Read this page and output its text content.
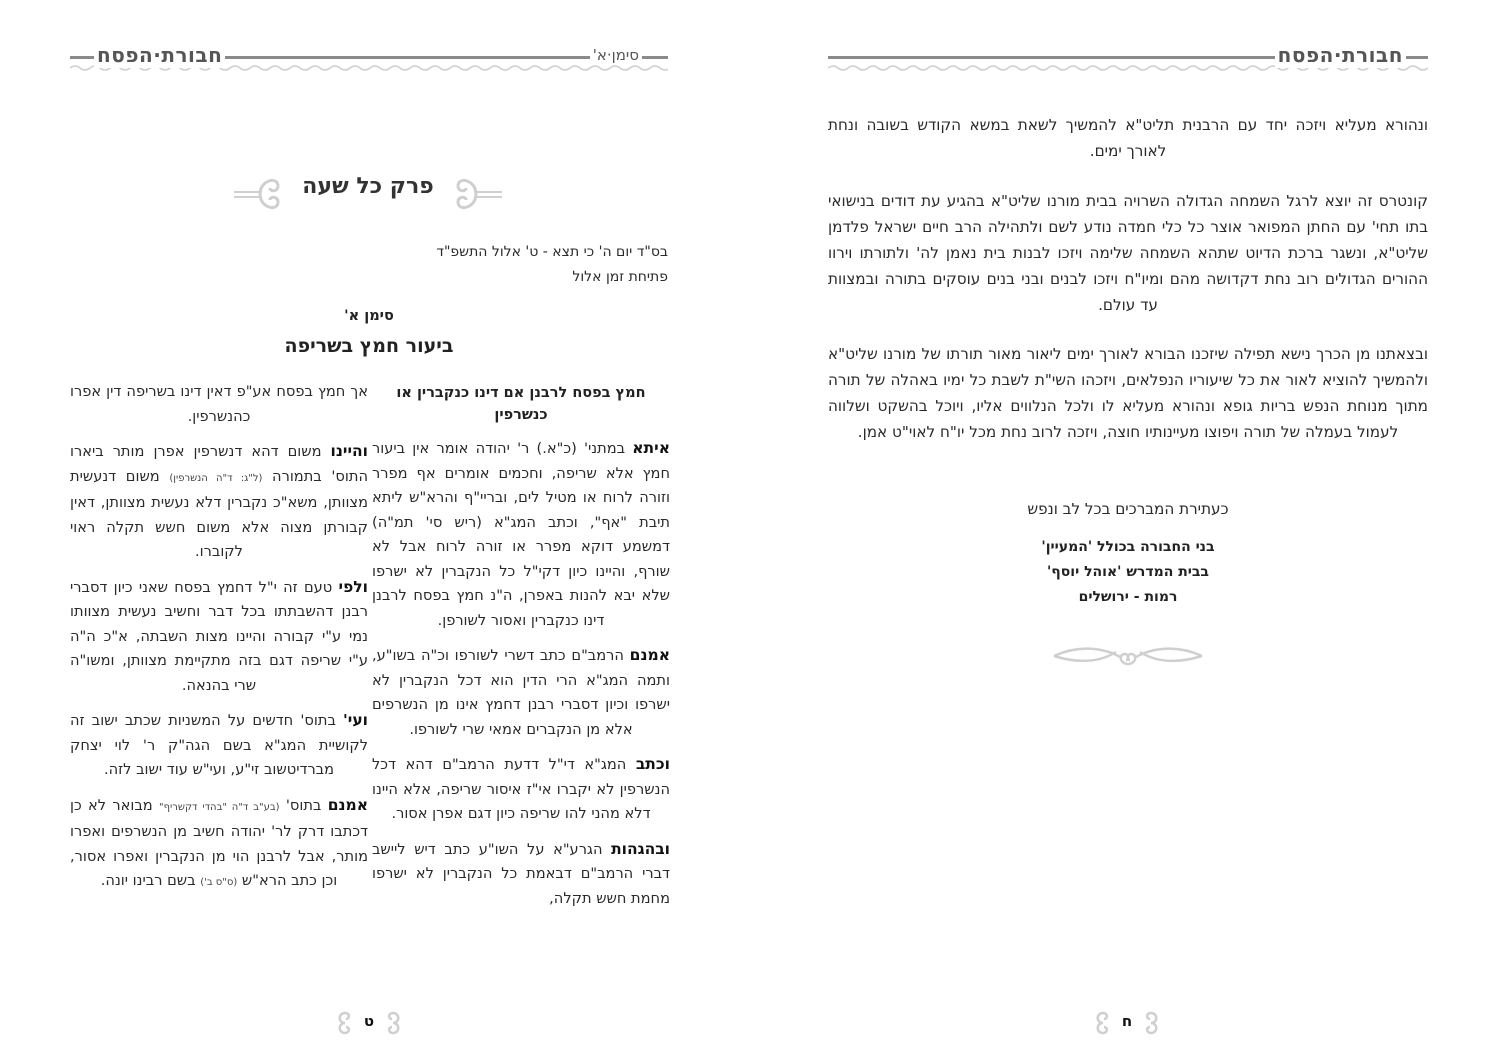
חבורת·הפסח	סימן·א'
פרק כל שעה
בס"ד יום ה' כי תצא - ט' אלול התשפ"ד
פתיחת זמן אלול
סימן א'
ביעור חמץ בשריפה
חמץ בפסח לרבנן אם דינו כנקברין או כנשרפין

איתא במתני' (כ"א.) ר' יהודה אומר אין ביעור חמץ אלא שריפה, וחכמים אומרים אף מפרר וזורה לרוח או מטיל לים, ובריי"ף והרא"ש ליתא תיבת "אף", וכתב המג"א (ריש סי' תמ"ה) דמשמע דוקא מפרר או זורה לרוח אבל לא שורף, והיינו כיון דקי"ל כל הנקברין לא ישרפו שלא יבא להנות באפרן, ה"נ חמץ בפסח לרבנן דינו כנקברין ואסור לשורפן.

אמנם הרמב"ם כתב דשרי לשורפו וכ"ה בשו"ע, ותמה המג"א הרי הדין הוא דכל הנקברין לא ישרפו וכיון דסברי רבנן דחמץ אינו מן הנשרפים אלא מן הנקברים אמאי שרי לשורפו.

וכתב המג"א די"ל דדעת הרמב"ם דהא דכל הנשרפין לא יקברו אי"ז איסור שריפה, אלא היינו דלא מהני להו שריפה כיון דגם אפרן אסור.

ובהגהות הגרע"א על השו"ע כתב דיש ליישב דברי הרמב"ם דבאמת כל הנקברין לא ישרפו מחמת חשש תקלה,

אך חמץ בפסח אע"פ דאין דינו בשריפה דין אפרו כהנשרפין.

והיינו משום דהא דנשרפין אפרן מותר ביארו התוס' בתמורה (ל"ג: ד"ה הנשרפין) משום דנעשית מצוותן, משא"כ נקברין דלא נעשית מצוותן, דאין קבורתן מצוה אלא משום חשש תקלה ראוי לקוברו.

ולפי טעם זה י"ל דחמץ בפסח שאני כיון דסברי רבנן דהשבתתו בכל דבר וחשיב נעשית מצוותו נמי ע"י קבורה והיינו מצות השבתה, א"כ ה"ה ע"י שריפה דגם בזה מתקיימת מצוותן, ומשו"ה שרי בהנאה.

ועי' בתוס' חדשים על המשניות שכתב ישוב זה לקושיית המג"א בשם הגה"ק ר' לוי יצחק מברדיטשוב זי"ע, ועי"ש עוד ישוב לזה.

אמנם בתוס' (בע"ב ד"ה "בהדי דקשריף" מבואר לא כן דכתבו דרק לר' יהודה חשיב מן הנשרפים ואפרו מותר, אבל לרבנן הוי מן הנקברין ואפרו אסור, וכן כתב הרא"ש (ס"ס ב') בשם רבינו יונה.

ט
חבורת·הפסח
ונהורא מעליא ויזכה יחד עם הרבנית תליט"א להמשיך לשאת במשא הקודש בשובה ונחת לאורך ימים.
קונטרס זה יוצא לרגל השמחה הגדולה השרויה בבית מורנו שליט"א בהגיע עת דודים בנישואי בתו תחי' עם החתן המפואר אוצר כל כלי חמדה נודע לשם ולתהילה הרב חיים ישראל פלדמן שליט"א, ונשגר ברכת הדיוט שתהא השמחה שלימה ויזכו לבנות בית נאמן לה' ולתורתו וירוו ההורים הגדולים רוב נחת דקדושה מהם ומיו"ח ויזכו לבנים ובני בנים עוסקים בתורה ובמצוות עד עולם.
ובצאתנו מן הכרך נישא תפילה שיזכנו הבורא לאורך ימים ליאור מאור תורתו של מורנו שליט"א ולהמשיך להוציא לאור את כל שיעוריו הנפלאים, ויזכהו השי"ת לשבת כל ימיו באהלה של תורה מתוך מנוחת הנפש בריות גופא ונהורא מעליא לו ולכל הנלווים אליו, ויוכל בהשקט ושלווה לעמול בעמלה של תורה ויפוצו מעיינותיו חוצה, ויזכה לרוב נחת מכל יו"ח לאוי"ט אמן.
כעתירת המברכים בכל לב ונפש
בני החבורה בכולל 'המעיין'
בבית המדרש 'אוהל יוסף'
רמות - ירושלים
ח
